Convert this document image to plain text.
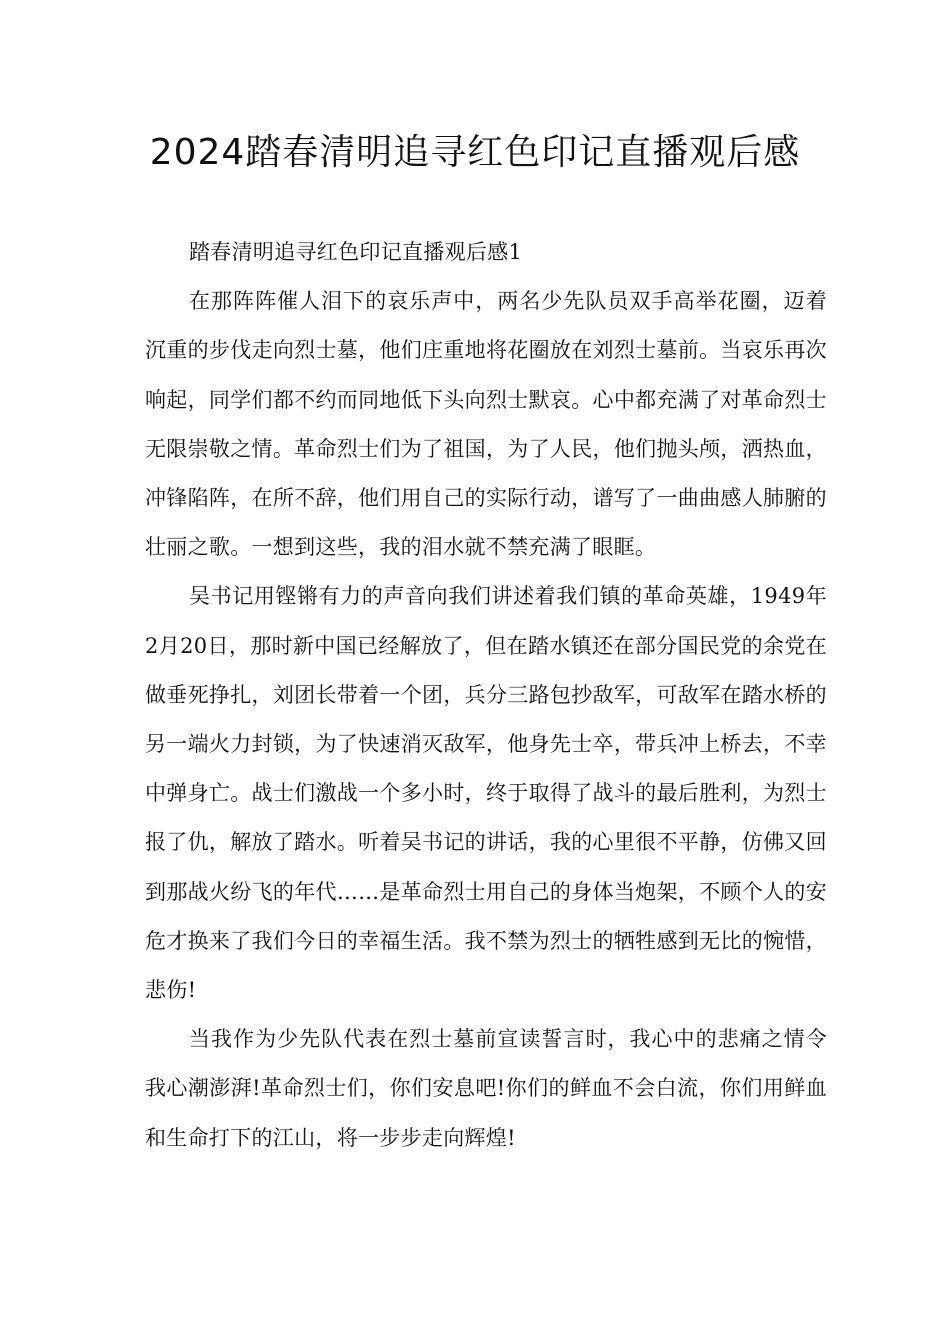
2024踏春清明追寻红色印记直播观后感

踏春清明追寻红色印记直播观后感1

在那阵阵催人泪下的哀乐声中，两名少先队员双手高举花圈，迈着沉重的步伐走向烈士墓，他们庄重地将花圈放在刘烈士墓前。当哀乐再次响起，同学们都不约而同地低下头向烈士默哀。心中都充满了对革命烈士无限崇敬之情。革命烈士们为了祖国，为了人民，他们抛头颅，洒热血，冲锋陷阵，在所不辞，他们用自己的实际行动，谱写了一曲曲感人肺腑的壮丽之歌。一想到这些，我的泪水就不禁充满了眼眶。

吴书记用铿锵有力的声音向我们讲述着我们镇的革命英雄，1949年2月20日，那时新中国已经解放了，但在踏水镇还在部分国民党的余党在做垂死挣扎，刘团长带着一个团，兵分三路包抄敌军，可敌军在踏水桥的另一端火力封锁，为了快速消灭敌军，他身先士卒，带兵冲上桥去，不幸中弹身亡。战士们激战一个多小时，终于取得了战斗的最后胜利，为烈士报了仇，解放了踏水。听着吴书记的讲话，我的心里很不平静，仿佛又回到那战火纷飞的年代……是革命烈士用自己的身体当炮架，不顾个人的安危才换来了我们今日的幸福生活。我不禁为烈士的牺牲感到无比的惋惜，悲伤!

当我作为少先队代表在烈士墓前宣读誓言时，我心中的悲痛之情令我心潮澎湃!革命烈士们，你们安息吧!你们的鲜血不会白流，你们用鲜血和生命打下的江山，将一步步走向辉煌!
